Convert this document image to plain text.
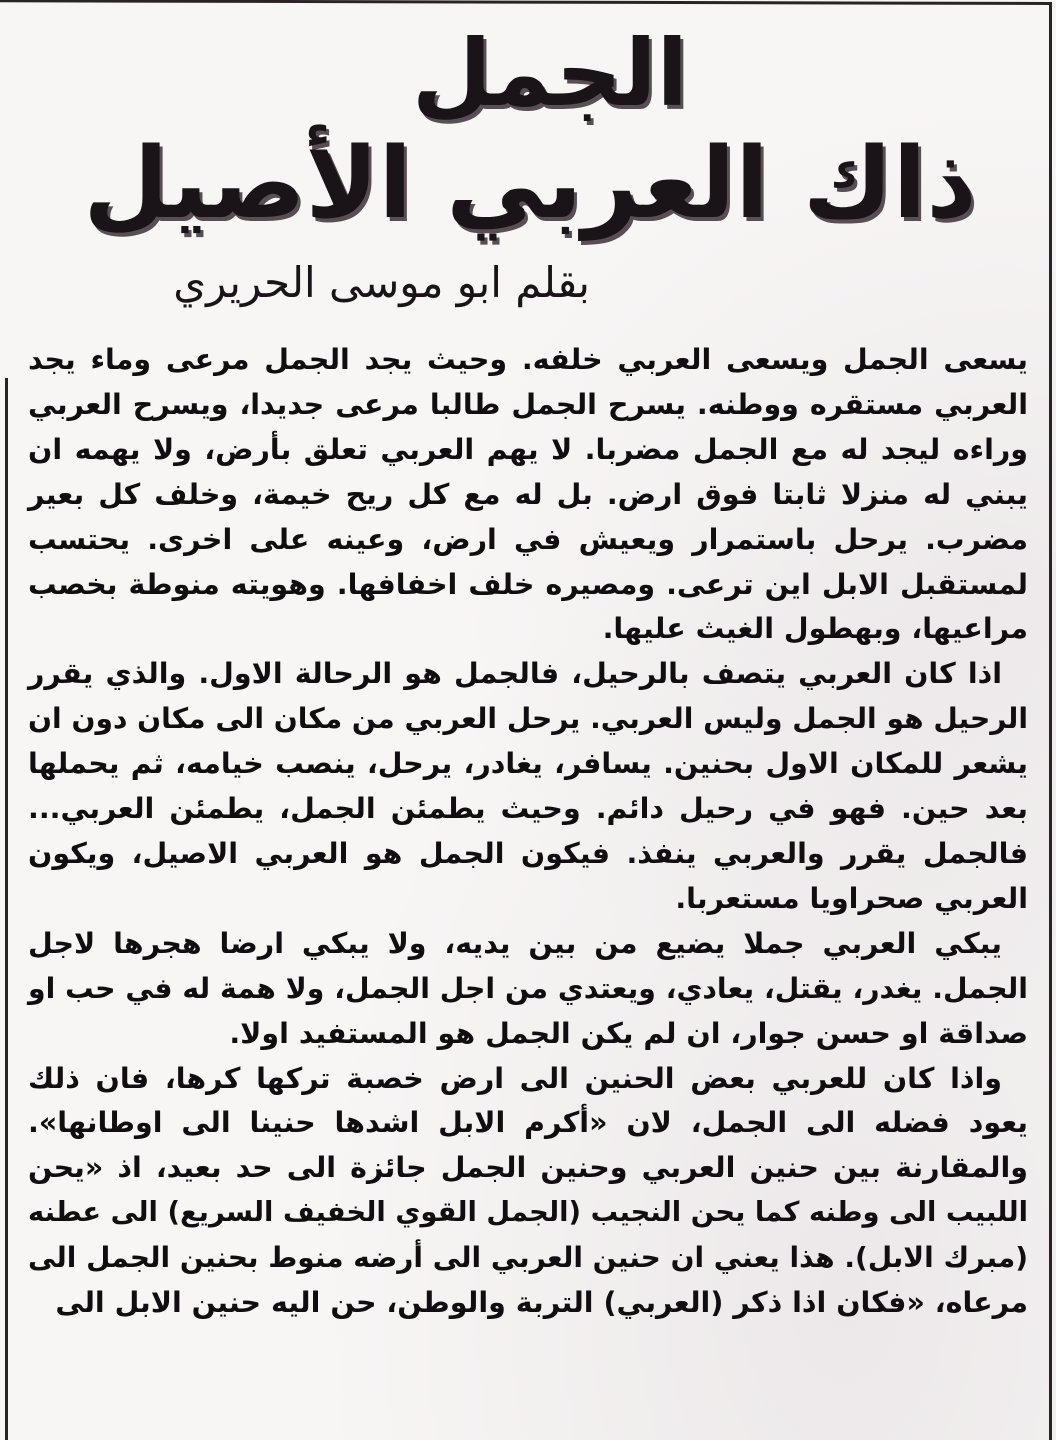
الجمل
ذاك العربي الأصيل
بقلم ابو موسى الحريري
يسعى الجمل ويسعى العربي خلفه. وحيث يجد الجمل مرعى وماء يجد
العربي مستقره ووطنه. يسرح الجمل طالبا مرعى جديدا، ويسرح العربي
وراءه ليجد له مع الجمل مضربا. لا يهم العربي تعلق بأرض، ولا يهمه ان
يبني له منزلا ثابتا فوق ارض. بل له مع كل ريح خيمة، وخلف كل بعير
مضرب. يرحل باستمرار ويعيش في ارض، وعينه على اخرى. يحتسب
لمستقبل الابل اين ترعى. ومصيره خلف اخفافها. وهويته منوطة بخصب
مراعيها، وبهطول الغيث عليها.
اذا كان العربي يتصف بالرحيل، فالجمل هو الرحالة الاول. والذي يقرر
الرحيل هو الجمل وليس العربي. يرحل العربي من مكان الى مكان دون ان
يشعر للمكان الاول بحنين. يسافر، يغادر، يرحل، ينصب خيامه، ثم يحملها
بعد حين. فهو في رحيل دائم. وحيث يطمئن الجمل، يطمئن العربي...
فالجمل يقرر والعربي ينفذ. فيكون الجمل هو العربي الاصيل، ويكون
العربي صحراويا مستعربا.
يبكي العربي جملا يضيع من بين يديه، ولا يبكي ارضا هجرها لاجل
الجمل. يغدر، يقتل، يعادي، ويعتدي من اجل الجمل، ولا همة له في حب او
صداقة او حسن جوار، ان لم يكن الجمل هو المستفيد اولا.
واذا كان للعربي بعض الحنين الى ارض خصبة تركها كرها، فان ذلك
يعود فضله الى الجمل، لان «أكرم الابل اشدها حنينا الى اوطانها».
والمقارنة بين حنين العربي وحنين الجمل جائزة الى حد بعيد، اذ «يحن
اللبيب الى وطنه كما يحن النجيب (الجمل القوي الخفيف السريع) الى عطنه
(مبرك الابل). هذا يعني ان حنين العربي الى أرضه منوط بحنين الجمل الى
مرعاه، «فكان اذا ذكر (العربي) التربة والوطن، حن اليه حنين الابل الى
